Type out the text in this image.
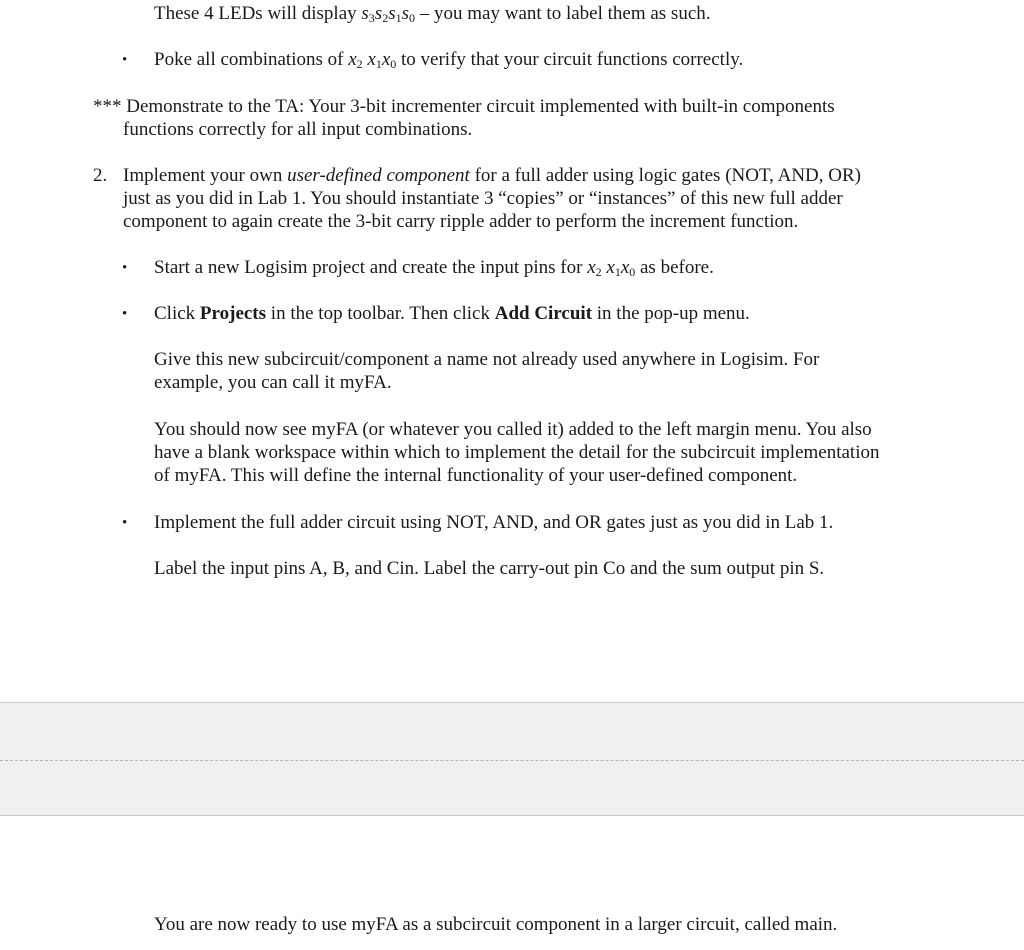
These 4 LEDs will display $s_3s_2s_1s_0$ – you may want to label them as such.
• Poke all combinations of $x_2$ $x_1x_0$ to verify that your circuit functions correctly.
*** Demonstrate to the TA: Your 3-bit incrementer circuit implemented with built-in components
functions correctly for all input combinations.
2. Implement your own user-defined component for a full adder using logic gates (NOT, AND, OR)
just as you did in Lab 1. You should instantiate 3 “copies” or “instances” of this new full adder
component to again create the 3-bit carry ripple adder to perform the increment function.
• Start a new Logisim project and create the input pins for $x_2$ $x_1x_0$ as before.
• Click Projects in the top toolbar. Then click Add Circuit in the pop-up menu.
Give this new subcircuit/component a name not already used anywhere in Logisim. For
example, you can call it myFA.
You should now see myFA (or whatever you called it) added to the left margin menu. You also
have a blank workspace within which to implement the detail for the subcircuit implementation
of myFA. This will define the internal functionality of your user-defined component.
• Implement the full adder circuit using NOT, AND, and OR gates just as you did in Lab 1.
Label the input pins A, B, and Cin. Label the carry-out pin Co and the sum output pin S.
You are now ready to use myFA as a subcircuit component in a larger circuit, called main.
